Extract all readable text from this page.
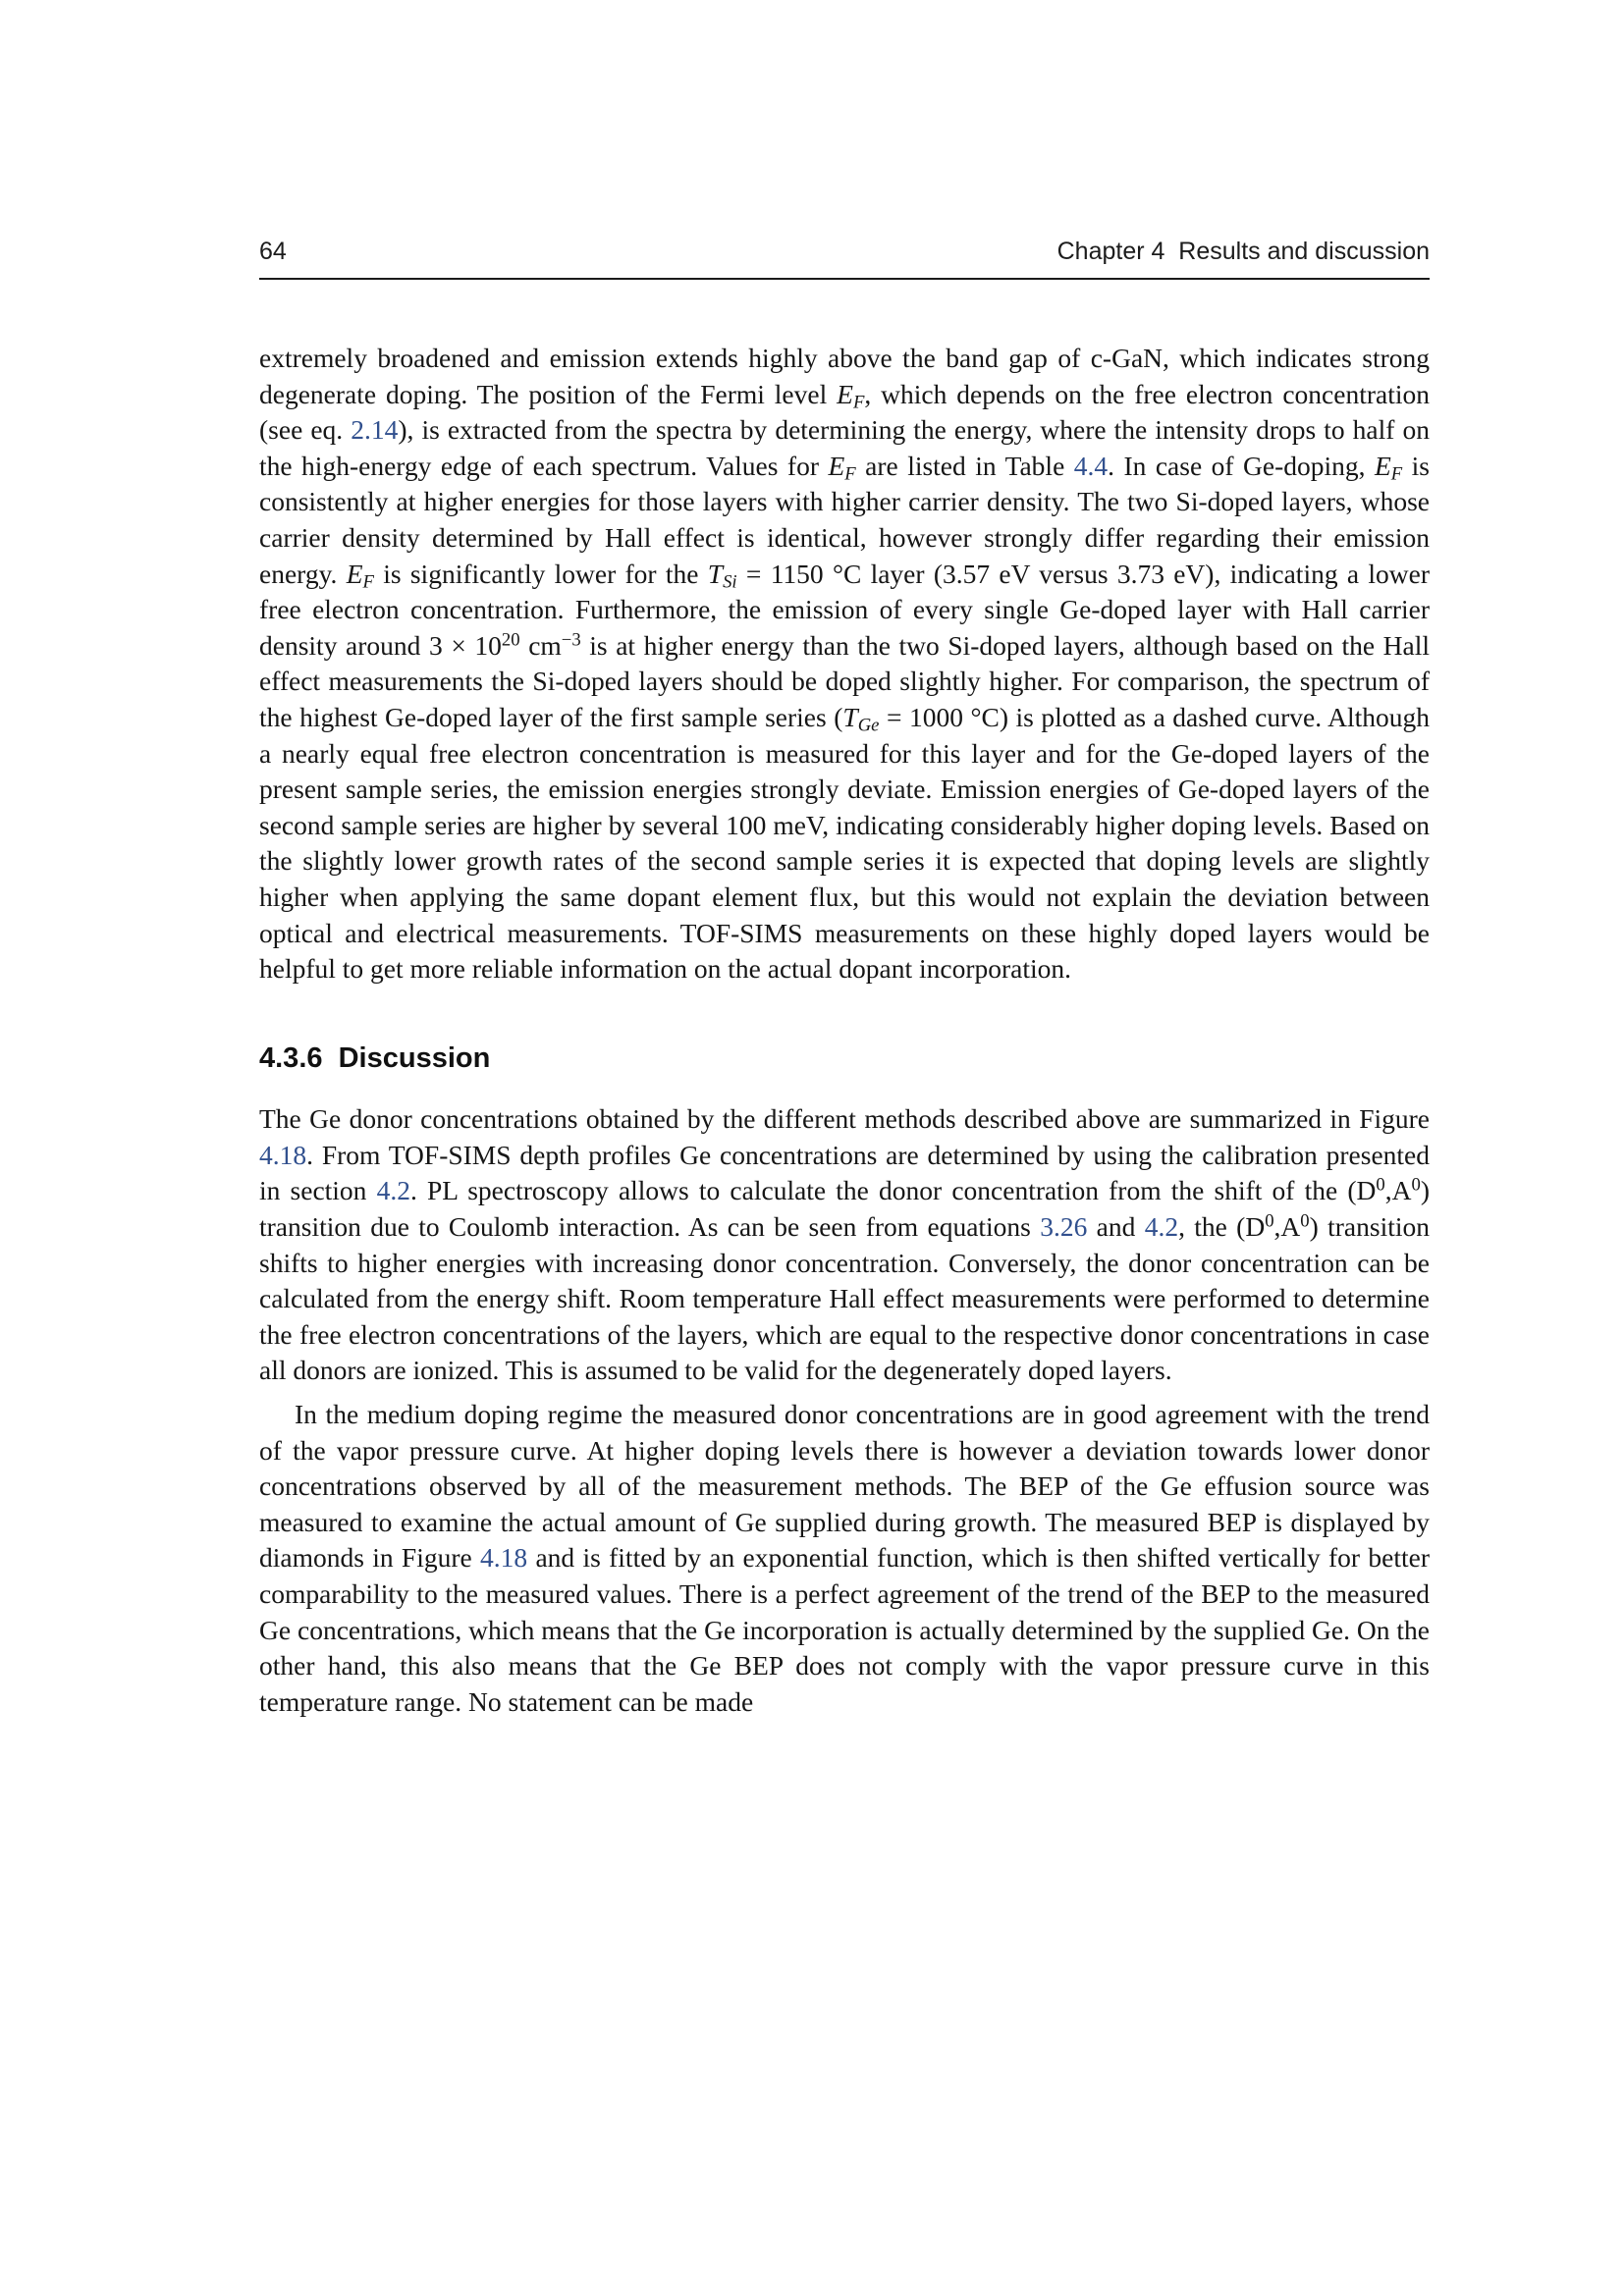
64	Chapter 4  Results and discussion

extremely broadened and emission extends highly above the band gap of c-GaN, which indicates strong degenerate doping. The position of the Fermi level $E_F$, which depends on the free electron concentration (see eq. 2.14), is extracted from the spectra by determining the energy, where the intensity drops to half on the high-energy edge of each spectrum. Values for $E_F$ are listed in Table 4.4. In case of Ge-doping, $E_F$ is consistently at higher energies for those layers with higher carrier density. The two Si-doped layers, whose carrier density determined by Hall effect is identical, however strongly differ regarding their emission energy. $E_F$ is significantly lower for the $T_{Si} = 1150$ °C layer (3.57 eV versus 3.73 eV), indicating a lower free electron concentration. Furthermore, the emission of every single Ge-doped layer with Hall carrier density around $3 \times 10^{20}$ $cm^{-3}$ is at higher energy than the two Si-doped layers, although based on the Hall effect measurements the Si-doped layers should be doped slightly higher. For comparison, the spectrum of the highest Ge-doped layer of the first sample series ($T_{Ge} = 1000$ °C) is plotted as a dashed curve. Although a nearly equal free electron concentration is measured for this layer and for the Ge-doped layers of the present sample series, the emission energies strongly deviate. Emission energies of Ge-doped layers of the second sample series are higher by several 100 meV, indicating considerably higher doping levels. Based on the slightly lower growth rates of the second sample series it is expected that doping levels are slightly higher when applying the same dopant element flux, but this would not explain the deviation between optical and electrical measurements. TOF-SIMS measurements on these highly doped layers would be helpful to get more reliable information on the actual dopant incorporation.

4.3.6  Discussion

The Ge donor concentrations obtained by the different methods described above are summarized in Figure 4.18. From TOF-SIMS depth profiles Ge concentrations are determined by using the calibration presented in section 4.2. PL spectroscopy allows to calculate the donor concentration from the shift of the $(D^0,A^0)$ transition due to Coulomb interaction. As can be seen from equations 3.26 and 4.2, the $(D^0,A^0)$ transition shifts to higher energies with increasing donor concentration. Conversely, the donor concentration can be calculated from the energy shift. Room temperature Hall effect measurements were performed to determine the free electron concentrations of the layers, which are equal to the respective donor concentrations in case all donors are ionized. This is assumed to be valid for the degenerately doped layers.

In the medium doping regime the measured donor concentrations are in good agreement with the trend of the vapor pressure curve. At higher doping levels there is however a deviation towards lower donor concentrations observed by all of the measurement methods. The BEP of the Ge effusion source was measured to examine the actual amount of Ge supplied during growth. The measured BEP is displayed by diamonds in Figure 4.18 and is fitted by an exponential function, which is then shifted vertically for better comparability to the measured values. There is a perfect agreement of the trend of the BEP to the measured Ge concentrations, which means that the Ge incorporation is actually determined by the supplied Ge. On the other hand, this also means that the Ge BEP does not comply with the vapor pressure curve in this temperature range. No statement can be made
